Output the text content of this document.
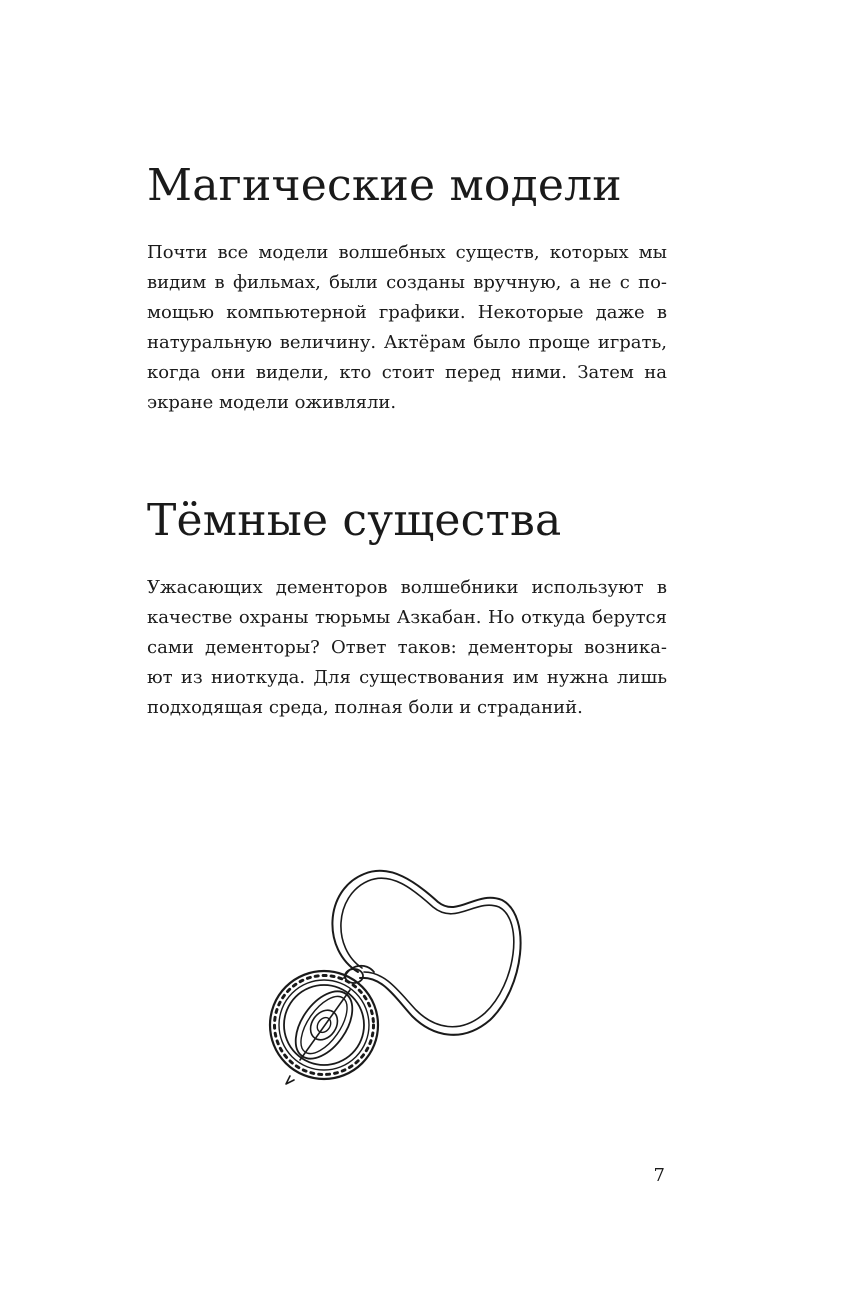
Магические модели

Почти все модели волшебных существ, которых мы
видим в фильмах, были созданы вручную, а не с по-
мощью компьютерной графики. Некоторые даже в
натуральную величину. Актёрам было проще играть,
когда они видели, кто стоит перед ними. Затем на
экране модели оживляли.

Тёмные существа

Ужасающих дементоров волшебники используют в
качестве охраны тюрьмы Азкабан. Но откуда берутся
сами дементоры? Ответ таков: дементоры возника-
ют из ниоткуда. Для существования им нужна лишь
подходящая среда, полная боли и страданий.

7
